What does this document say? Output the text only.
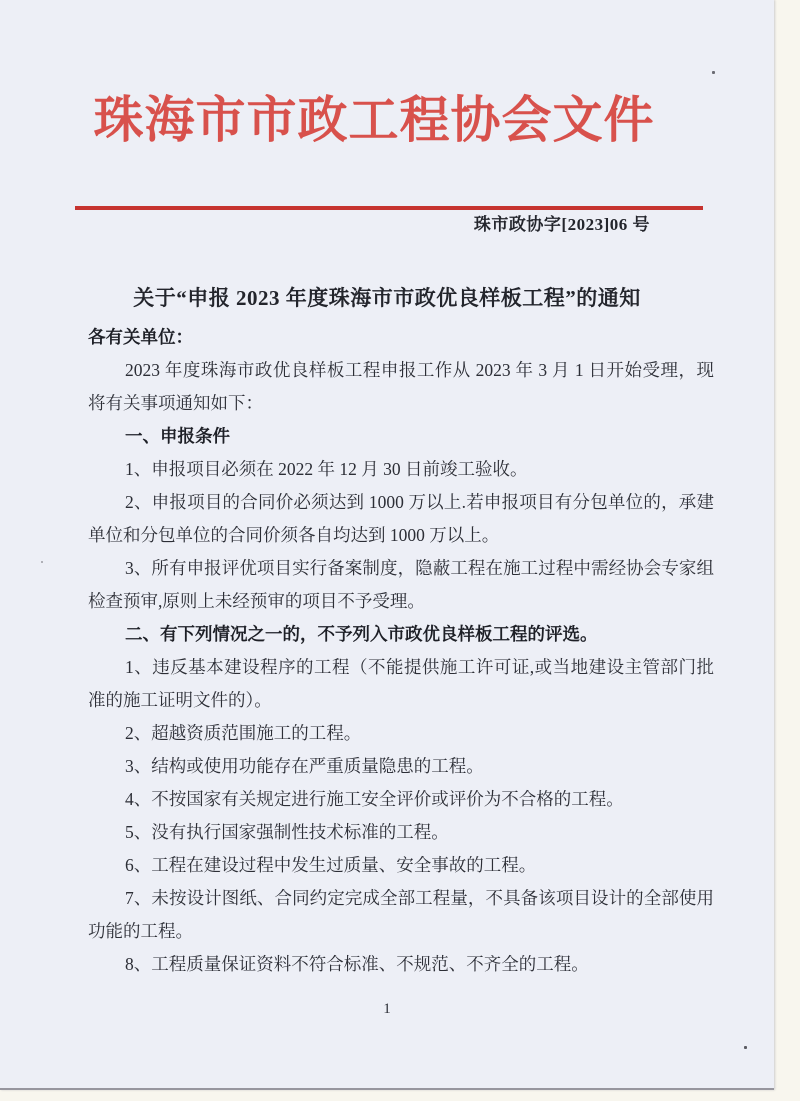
珠海市市政工程协会文件
珠市政协字[2023]06 号
关于“申报 2023 年度珠海市市政优良样板工程”的通知

各有关单位：

2023 年度珠海市政优良样板工程申报工作从 2023 年 3 月 1 日开始受理，现将有关事项通知如下：

一、申报条件

1、申报项目必须在 2022 年 12 月 30 日前竣工验收。

2、申报项目的合同价必须达到 1000 万以上.若申报项目有分包单位的，承建单位和分包单位的合同价须各自均达到 1000 万以上。

3、所有申报评优项目实行备案制度，隐蔽工程在施工过程中需经协会专家组检查预审,原则上未经预审的项目不予受理。

二、有下列情况之一的，不予列入市政优良样板工程的评选。

1、违反基本建设程序的工程（不能提供施工许可证,或当地建设主管部门批准的施工证明文件的）。

2、超越资质范围施工的工程。

3、结构或使用功能存在严重质量隐患的工程。

4、不按国家有关规定进行施工安全评价或评价为不合格的工程。

5、没有执行国家强制性技术标准的工程。

6、工程在建设过程中发生过质量、安全事故的工程。

7、未按设计图纸、合同约定完成全部工程量，不具备该项目设计的全部使用功能的工程。

8、工程质量保证资料不符合标准、不规范、不齐全的工程。

1
